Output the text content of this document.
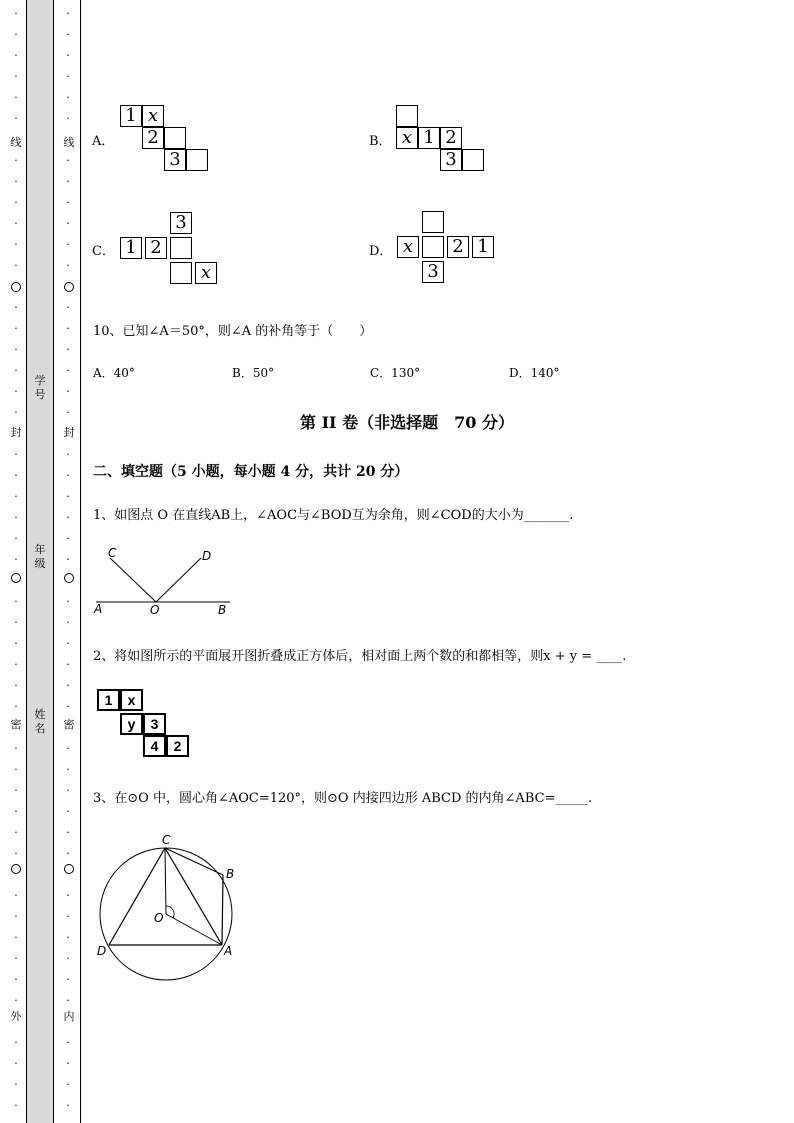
·
·
·
·
·
·
·
·
·
·
·
·
·
·
·
·
·
·
·
·
·
·
·
·
·
·
·
·
·
·
·
·
·
·
·
·
·
·
·
·
·
·
·
·
·
·
·
·
·
·
·
·
·
·
·
·
·
·
·
·
·
·
·
·
·
·
·
·
·
·
·
·
·
·
·
·
·
·
·
·
·
·
·
·
·
·
·
·
·
·
·
·
线
封
密
外
线
封
密
内
学
号
年
级
姓
名
A．
1 x
2
3
B． x 1 2
3
C．
3
1 2
x
D． x	2 1
3
10、已知∠A＝50°，则∠A 的补角等于（　　）
A．40°	B．50°	C．130°	D．140°
第 II 卷（非选择题　70 分）
二、填空题（5 小题，每小题 4 分，共计 20 分）
1、如图点 O 在直线AB上，∠AOC与∠BOD互为余角，则∠COD的大小为_______.
C	D
A	O	B
2、将如图所示的平面展开图折叠成正方体后，相对面上两个数的和都相等，则x + y = ____.
1	x
y	3
4	2
3、在⊙O 中，圆心角∠AOC=120°，则⊙O 内接四边形 ABCD 的内角∠ABC=_____.
C
B
O
D	A
